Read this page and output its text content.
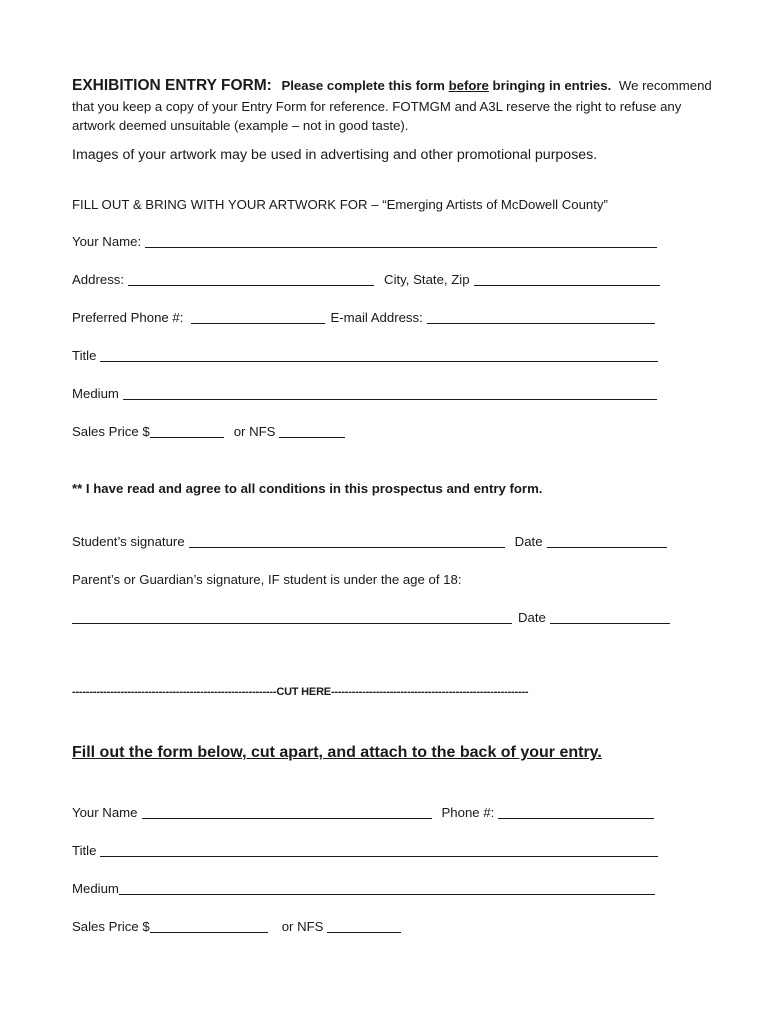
EXHIBITION ENTRY FORM: Please complete this form before bringing in entries. We recommend
that you keep a copy of your Entry Form for reference. FOTMGM and A3L reserve the right to refuse any
artwork deemed unsuitable (example – not in good taste).
Images of your artwork may be used in advertising and other promotional purposes.
FILL OUT & BRING WITH YOUR ARTWORK FOR – “Emerging Artists of McDowell County”
Your Name:
Address:	City, State, Zip
Preferred Phone #:	E-mail Address:
Title
Medium
Sales Price $	or NFS
** I have read and agree to all conditions in this prospectus and entry form.
Student’s signature	Date
Parent’s or Guardian’s signature, IF student is under the age of 18:
Date
-----------------------------------------------------------CUT HERE---------------------------------------------------------
Fill out the form below, cut apart, and attach to the back of your entry.
Your Name	Phone #:
Title
Medium
Sales Price $	or NFS
